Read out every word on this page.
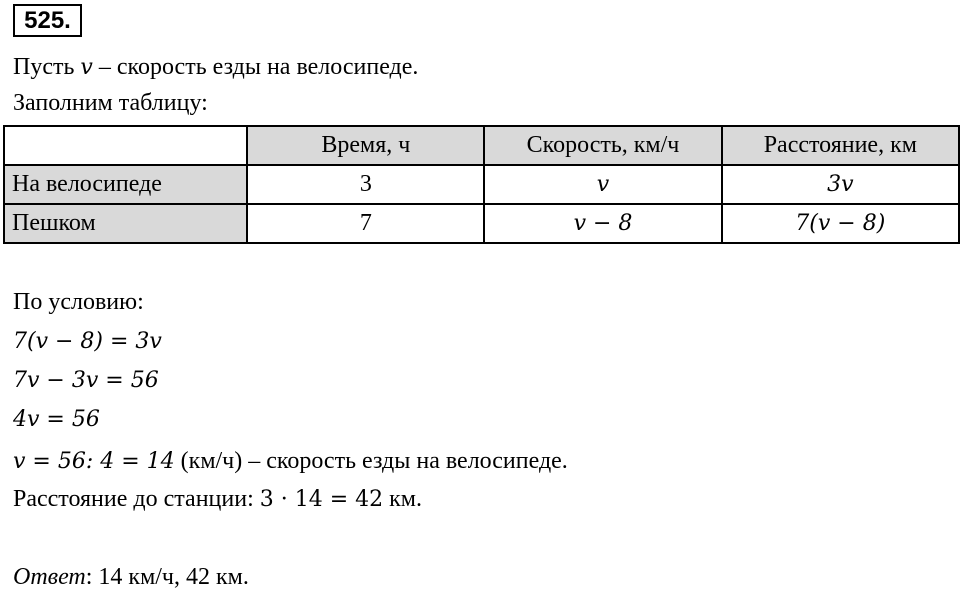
525.
Пусть v – скорость езды на велосипеде.
Заполним таблицу:
	Время, ч	Скорость, км/ч	Расстояние, км
На велосипеде	3	v	3v
Пешком	7	v − 8	7(v − 8)
По условию:
7(v − 8) = 3v
7v − 3v = 56
4v = 56
v = 56: 4 = 14 (км/ч) – скорость езды на велосипеде.
Расстояние до станции: 3 · 14 = 42 км.
Ответ: 14 км/ч, 42 км.
